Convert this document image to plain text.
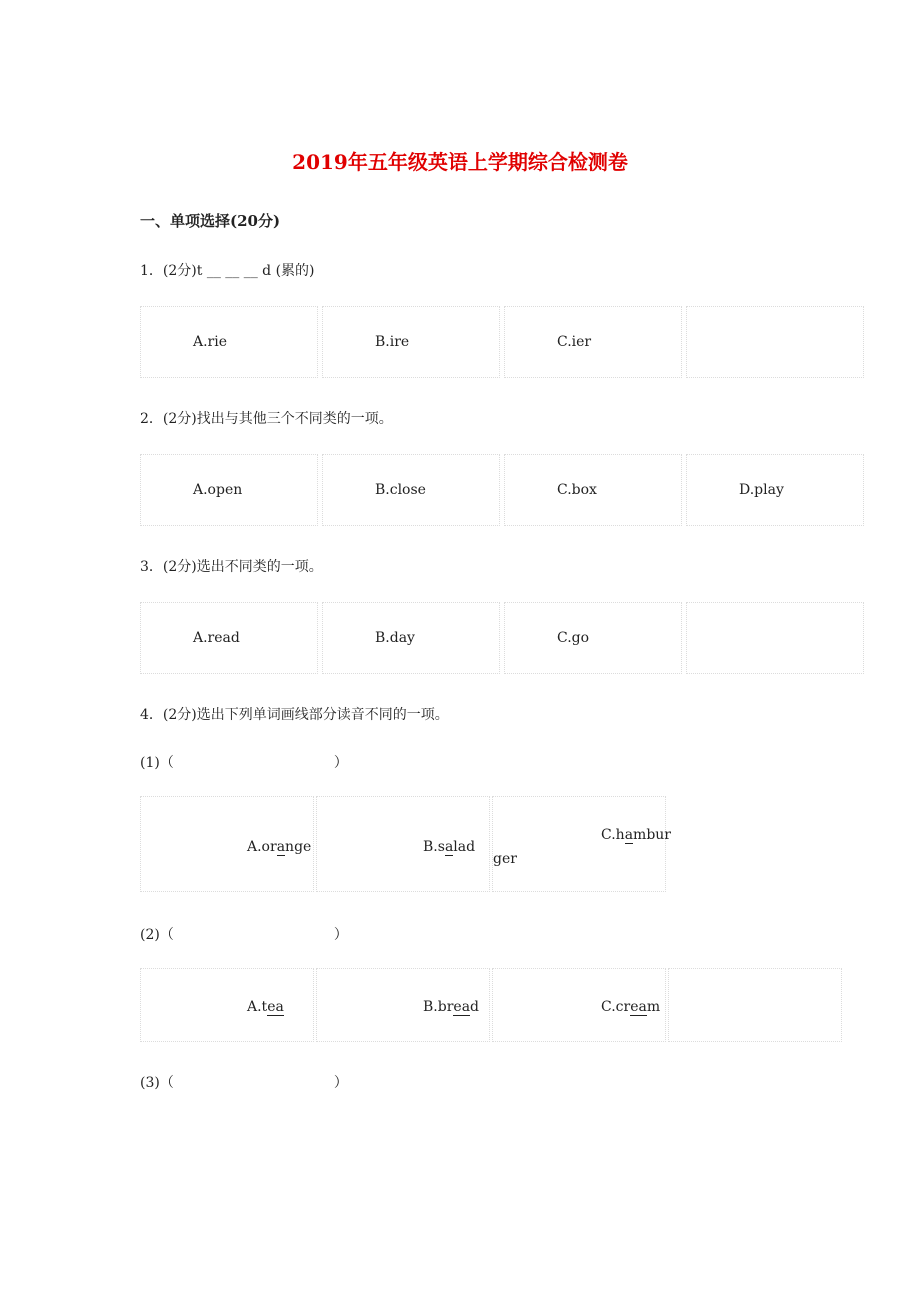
2019年五年级英语上学期综合检测卷
一、单项选择(20分)
1．(2分)t __ __ __ d (累的)
A.rie	B.ire	C.ier
2．(2分)找出与其他三个不同类的一项。
A.open	B.close	C.box	D.play
3．(2分)选出不同类的一项。
A.read	B.day	C.go
4．(2分)选出下列单词画线部分读音不同的一项。
(1)（	）
A.orange	B.salad
C.hambur
ger
(2)（	）
A.tea	B.bread	C.cream
(3)（	）
